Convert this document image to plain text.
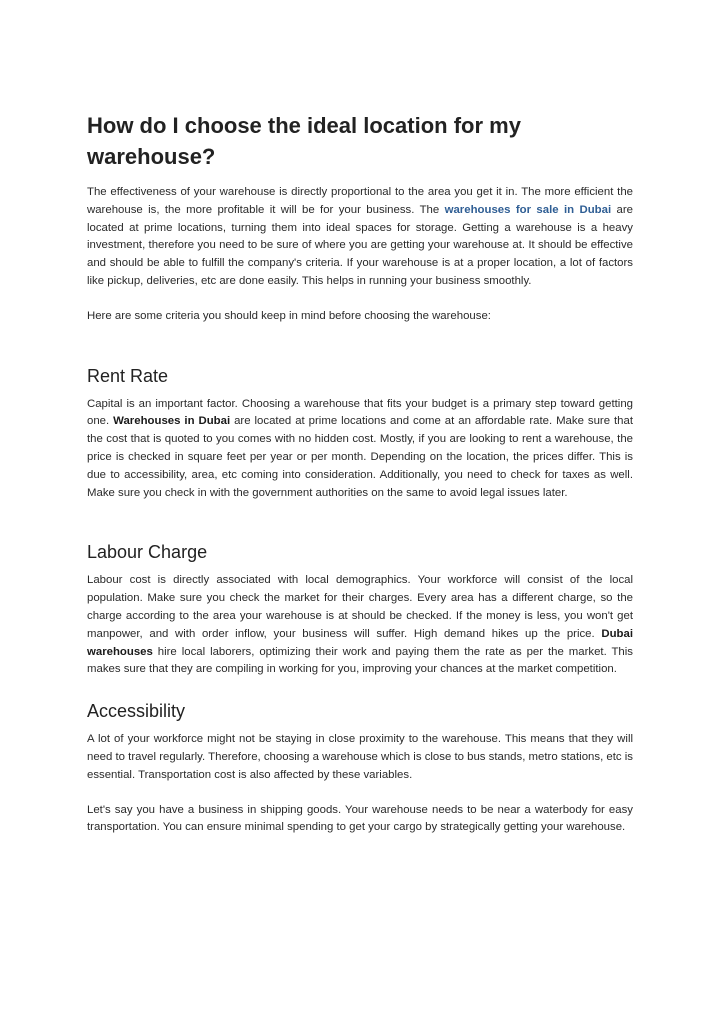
How do I choose the ideal location for my warehouse?

The effectiveness of your warehouse is directly proportional to the area you get it in. The more efficient the warehouse is, the more profitable it will be for your business. The warehouses for sale in Dubai are located at prime locations, turning them into ideal spaces for storage. Getting a warehouse is a heavy investment, therefore you need to be sure of where you are getting your warehouse at. It should be effective and should be able to fulfill the company's criteria. If your warehouse is at a proper location, a lot of factors like pickup, deliveries, etc are done easily. This helps in running your business smoothly.

Here are some criteria you should keep in mind before choosing the warehouse:

Rent Rate

Capital is an important factor. Choosing a warehouse that fits your budget is a primary step toward getting one. Warehouses in Dubai are located at prime locations and come at an affordable rate. Make sure that the cost that is quoted to you comes with no hidden cost. Mostly, if you are looking to rent a warehouse, the price is checked in square feet per year or per month. Depending on the location, the prices differ. This is due to accessibility, area, etc coming into consideration. Additionally, you need to check for taxes as well. Make sure you check in with the government authorities on the same to avoid legal issues later.

Labour Charge

Labour cost is directly associated with local demographics. Your workforce will consist of the local population. Make sure you check the market for their charges. Every area has a different charge, so the charge according to the area your warehouse is at should be checked. If the money is less, you won't get manpower, and with order inflow, your business will suffer. High demand hikes up the price. Dubai warehouses hire local laborers, optimizing their work and paying them the rate as per the market. This makes sure that they are compiling in working for you, improving your chances at the market competition.

Accessibility

A lot of your workforce might not be staying in close proximity to the warehouse. This means that they will need to travel regularly. Therefore, choosing a warehouse which is close to bus stands, metro stations, etc is essential. Transportation cost is also affected by these variables.

Let's say you have a business in shipping goods. Your warehouse needs to be near a waterbody for easy transportation. You can ensure minimal spending to get your cargo by strategically getting your warehouse.
